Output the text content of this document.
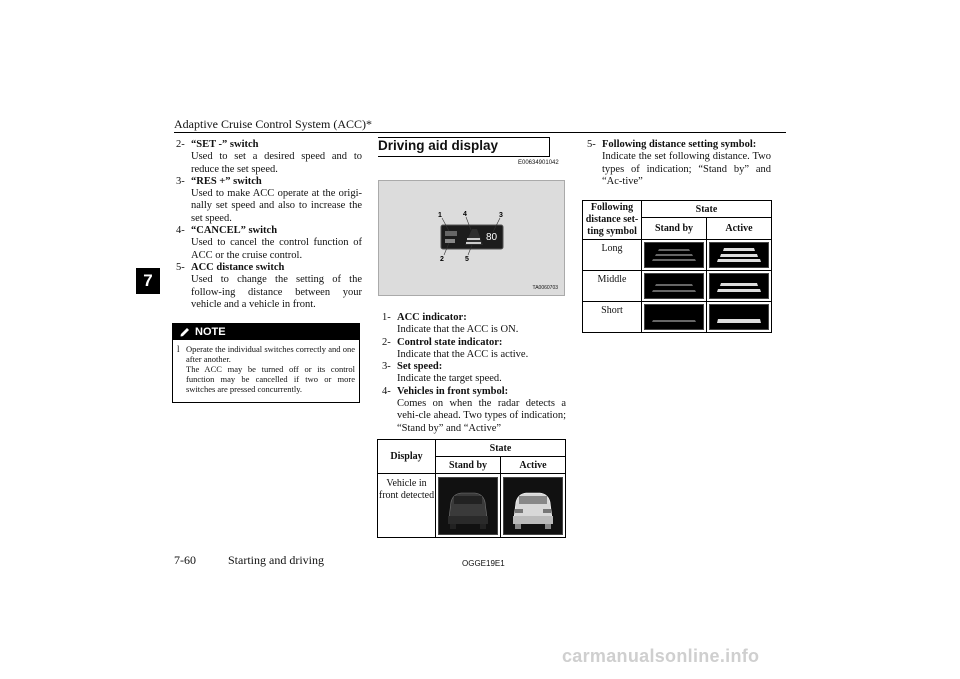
Adaptive Cruise Control System (ACC)*
7
2- “SET -” switch
Used to set a desired speed and to reduce the set speed.
3- “RES +” switch
Used to make ACC operate at the origi-nally set speed and also to increase the set speed.
4- “CANCEL” switch
Used to cancel the control function of ACC or the cruise control.
5- ACC distance switch
Used to change the setting of the follow-ing distance between your vehicle and a vehicle in front.
NOTE
l Operate the individual switches correctly and one after another.
The ACC may be turned off or its control function may be cancelled if two or more switches are pressed concurrently.
Driving aid display
E00634901042
80
1	4	3
2	5
TA0060703
1- ACC indicator:
Indicate that the ACC is ON.
2- Control state indicator:
Indicate that the ACC is active.
3- Set speed:
Indicate the target speed.
4- Vehicles in front symbol:
Comes on when the radar detects a vehi-cle ahead. Two types of indication; “Stand by” and “Active”
Display	State	
	Stand by	Active
Vehicle in front detected	

5- Following distance setting symbol:
Indicate the set following distance. Two types of indication; “Stand by” and “Ac-tive”
Following distance set-ting symbol	State	
	Stand by	Active
Long	

Middle	

Short	

7-60	Starting and driving	OGGE19E1
carmanualsonline.info
